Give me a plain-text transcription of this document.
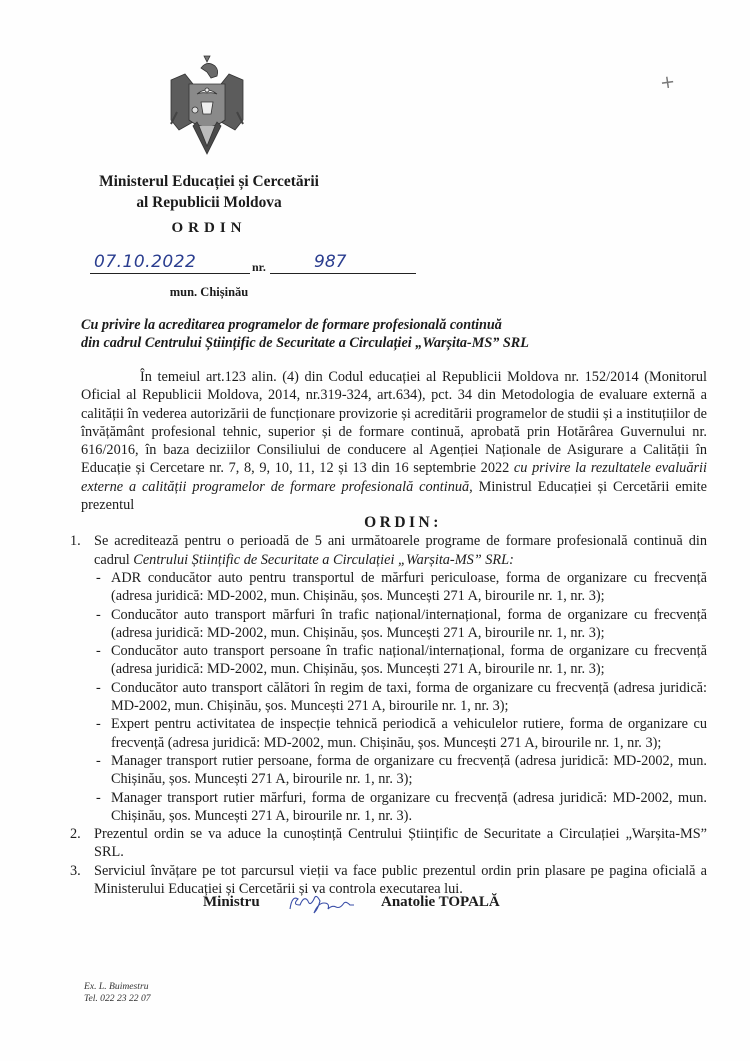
+
Ministerul Educației și Cercetării
al Republicii Moldova
ORDIN
07.10.2022	nr.	987
mun. Chișinău
Cu privire la acreditarea programelor de formare profesională continuă
din cadrul Centrului Științific de Securitate a Circulației „Warșita-MS” SRL

În temeiul art.123 alin. (4) din Codul educației al Republicii Moldova nr. 152/2014 (Monitorul Oficial al Republicii Moldova, 2014, nr.319-324, art.634), pct. 34 din Metodologia de evaluare externă a calității în vederea autorizării de funcționare provizorie și acreditării programelor de studii și a instituțiilor de învățământ profesional tehnic, superior și de formare continuă, aprobată prin Hotărârea Guvernului nr. 616/2016, în baza deciziilor Consiliului de conducere al Agenției Naționale de Asigurare a Calității în Educație și Cercetare nr. 7, 8, 9, 10, 11, 12 și 13 din 16 septembrie 2022 cu privire la rezultatele evaluării externe a calității programelor de formare profesională continuă, Ministrul Educației și Cercetării emite prezentul

ORDIN:
1. Se acreditează pentru o perioadă de 5 ani următoarele programe de formare profesională continuă din cadrul Centrului Științific de Securitate a Circulației „Warșita-MS” SRL:
- ADR conducător auto pentru transportul de mărfuri periculoase, forma de organizare cu frecvență (adresa juridică: MD-2002, mun. Chișinău, șos. Muncești 271 A, birourile nr. 1, nr. 3);
- Conducător auto transport mărfuri în trafic național/internațional, forma de organizare cu frecvență (adresa juridică: MD-2002, mun. Chișinău, șos. Muncești 271 A, birourile nr. 1, nr. 3);
- Conducător auto transport persoane în trafic național/internațional, forma de organizare cu frecvență (adresa juridică: MD-2002, mun. Chișinău, șos. Muncești 271 A, birourile nr. 1, nr. 3);
- Conducător auto transport călători în regim de taxi, forma de organizare cu frecvență (adresa juridică: MD-2002, mun. Chișinău, șos. Muncești 271 A, birourile nr. 1, nr. 3);
- Expert pentru activitatea de inspecție tehnică periodică a vehiculelor rutiere, forma de organizare cu frecvență (adresa juridică: MD-2002, mun. Chișinău, șos. Muncești 271 A, birourile nr. 1, nr. 3);
- Manager transport rutier persoane, forma de organizare cu frecvență (adresa juridică: MD-2002, mun. Chișinău, șos. Muncești 271 A, birourile nr. 1, nr. 3);
- Manager transport rutier mărfuri, forma de organizare cu frecvență (adresa juridică: MD-2002, mun. Chișinău, șos. Muncești 271 A, birourile nr. 1, nr. 3).
2. Prezentul ordin se va aduce la cunoștință Centrului Științific de Securitate a Circulației „Warșita-MS” SRL.
3. Serviciul învățare pe tot parcursul vieții va face public prezentul ordin prin plasare pe pagina oficială a Ministerului Educației și Cercetării și va controla executarea lui.
Ministru	Anatolie TOPALĂ
Ex. L. Buimestru
Tel. 022 23 22 07
